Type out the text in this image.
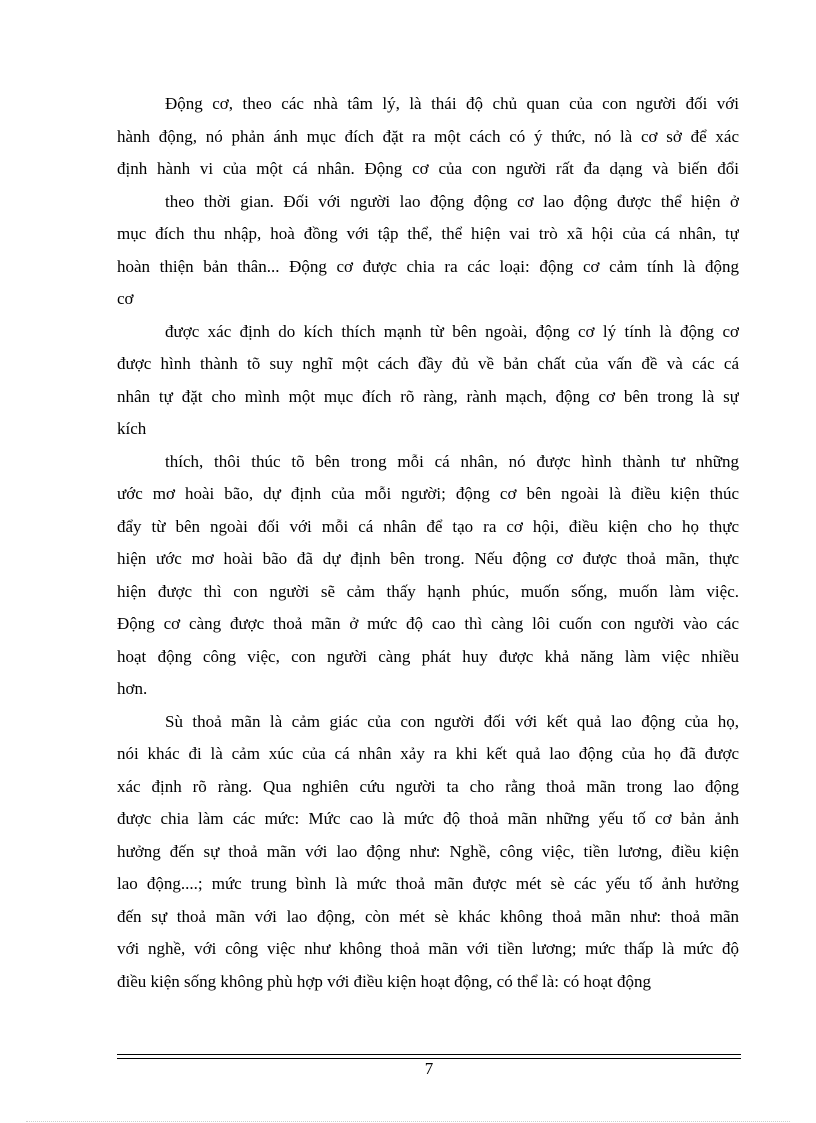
Động cơ, theo các nhà tâm lý, là thái độ chủ quan của con người đối với
hành động, nó phản ánh mục đích đặt ra một cách có ý thức, nó là cơ sở để xác
định hành vi của một cá nhân. Động cơ của con người rất đa dạng và biến đổi
theo thời gian. Đối với người lao động động cơ lao động được thể hiện ở
mục đích thu nhập, hoà đồng với tập thể, thể hiện vai trò xã hội của cá nhân, tự
hoàn thiện bản thân... Động cơ được chia ra các loại: động cơ cảm tính là động
cơ
được xác định do kích thích mạnh từ bên ngoài, động cơ lý tính là động cơ
được hình thành tõ suy nghĩ một cách đầy đủ về bản chất của vấn đề và các cá
nhân tự đặt cho mình một mục đích rõ ràng, rành mạch, động cơ bên trong là sự
kích
thích, thôi thúc tõ bên trong mỗi cá nhân, nó được hình thành tư những
ước mơ hoài bão, dự định của mỗi người; động cơ bên ngoài là điều kiện thúc
đẩy từ bên ngoài đối với mỗi cá nhân để tạo ra cơ hội, điều kiện cho họ thực
hiện ước mơ hoài bão đã dự định bên trong. Nếu động cơ được thoả mãn, thực
hiện được thì con người sẽ cảm thấy hạnh phúc, muốn sống, muốn làm việc.
Động cơ càng được thoả mãn ở mức độ cao thì càng lôi cuốn con người vào các
hoạt động công việc, con người càng phát huy được khả năng làm việc nhiều
hơn.
Sù thoả mãn là cảm giác của con người đối với kết quả lao động của họ,
nói khác đi là cảm xúc của cá nhân xảy ra khi kết quả lao động của họ đã được
xác định rõ ràng. Qua nghiên cứu người ta cho rằng thoả mãn trong lao động
được chia làm các mức: Mức cao là mức độ thoả mãn những yếu tố cơ bản ảnh
hưởng đến sự thoả mãn với lao động như: Nghề, công việc, tiền lương, điều kiện
lao động....; mức trung bình là mức thoả mãn được mét sè các yếu tố ảnh hưởng
đến sự thoả mãn với lao động, còn mét sè khác không thoả mãn như: thoả mãn
với nghề, với công việc như không thoả mãn với tiền lương; mức thấp là mức độ
điều kiện sống không phù hợp với điều kiện hoạt động, có thể là: có hoạt động
7
